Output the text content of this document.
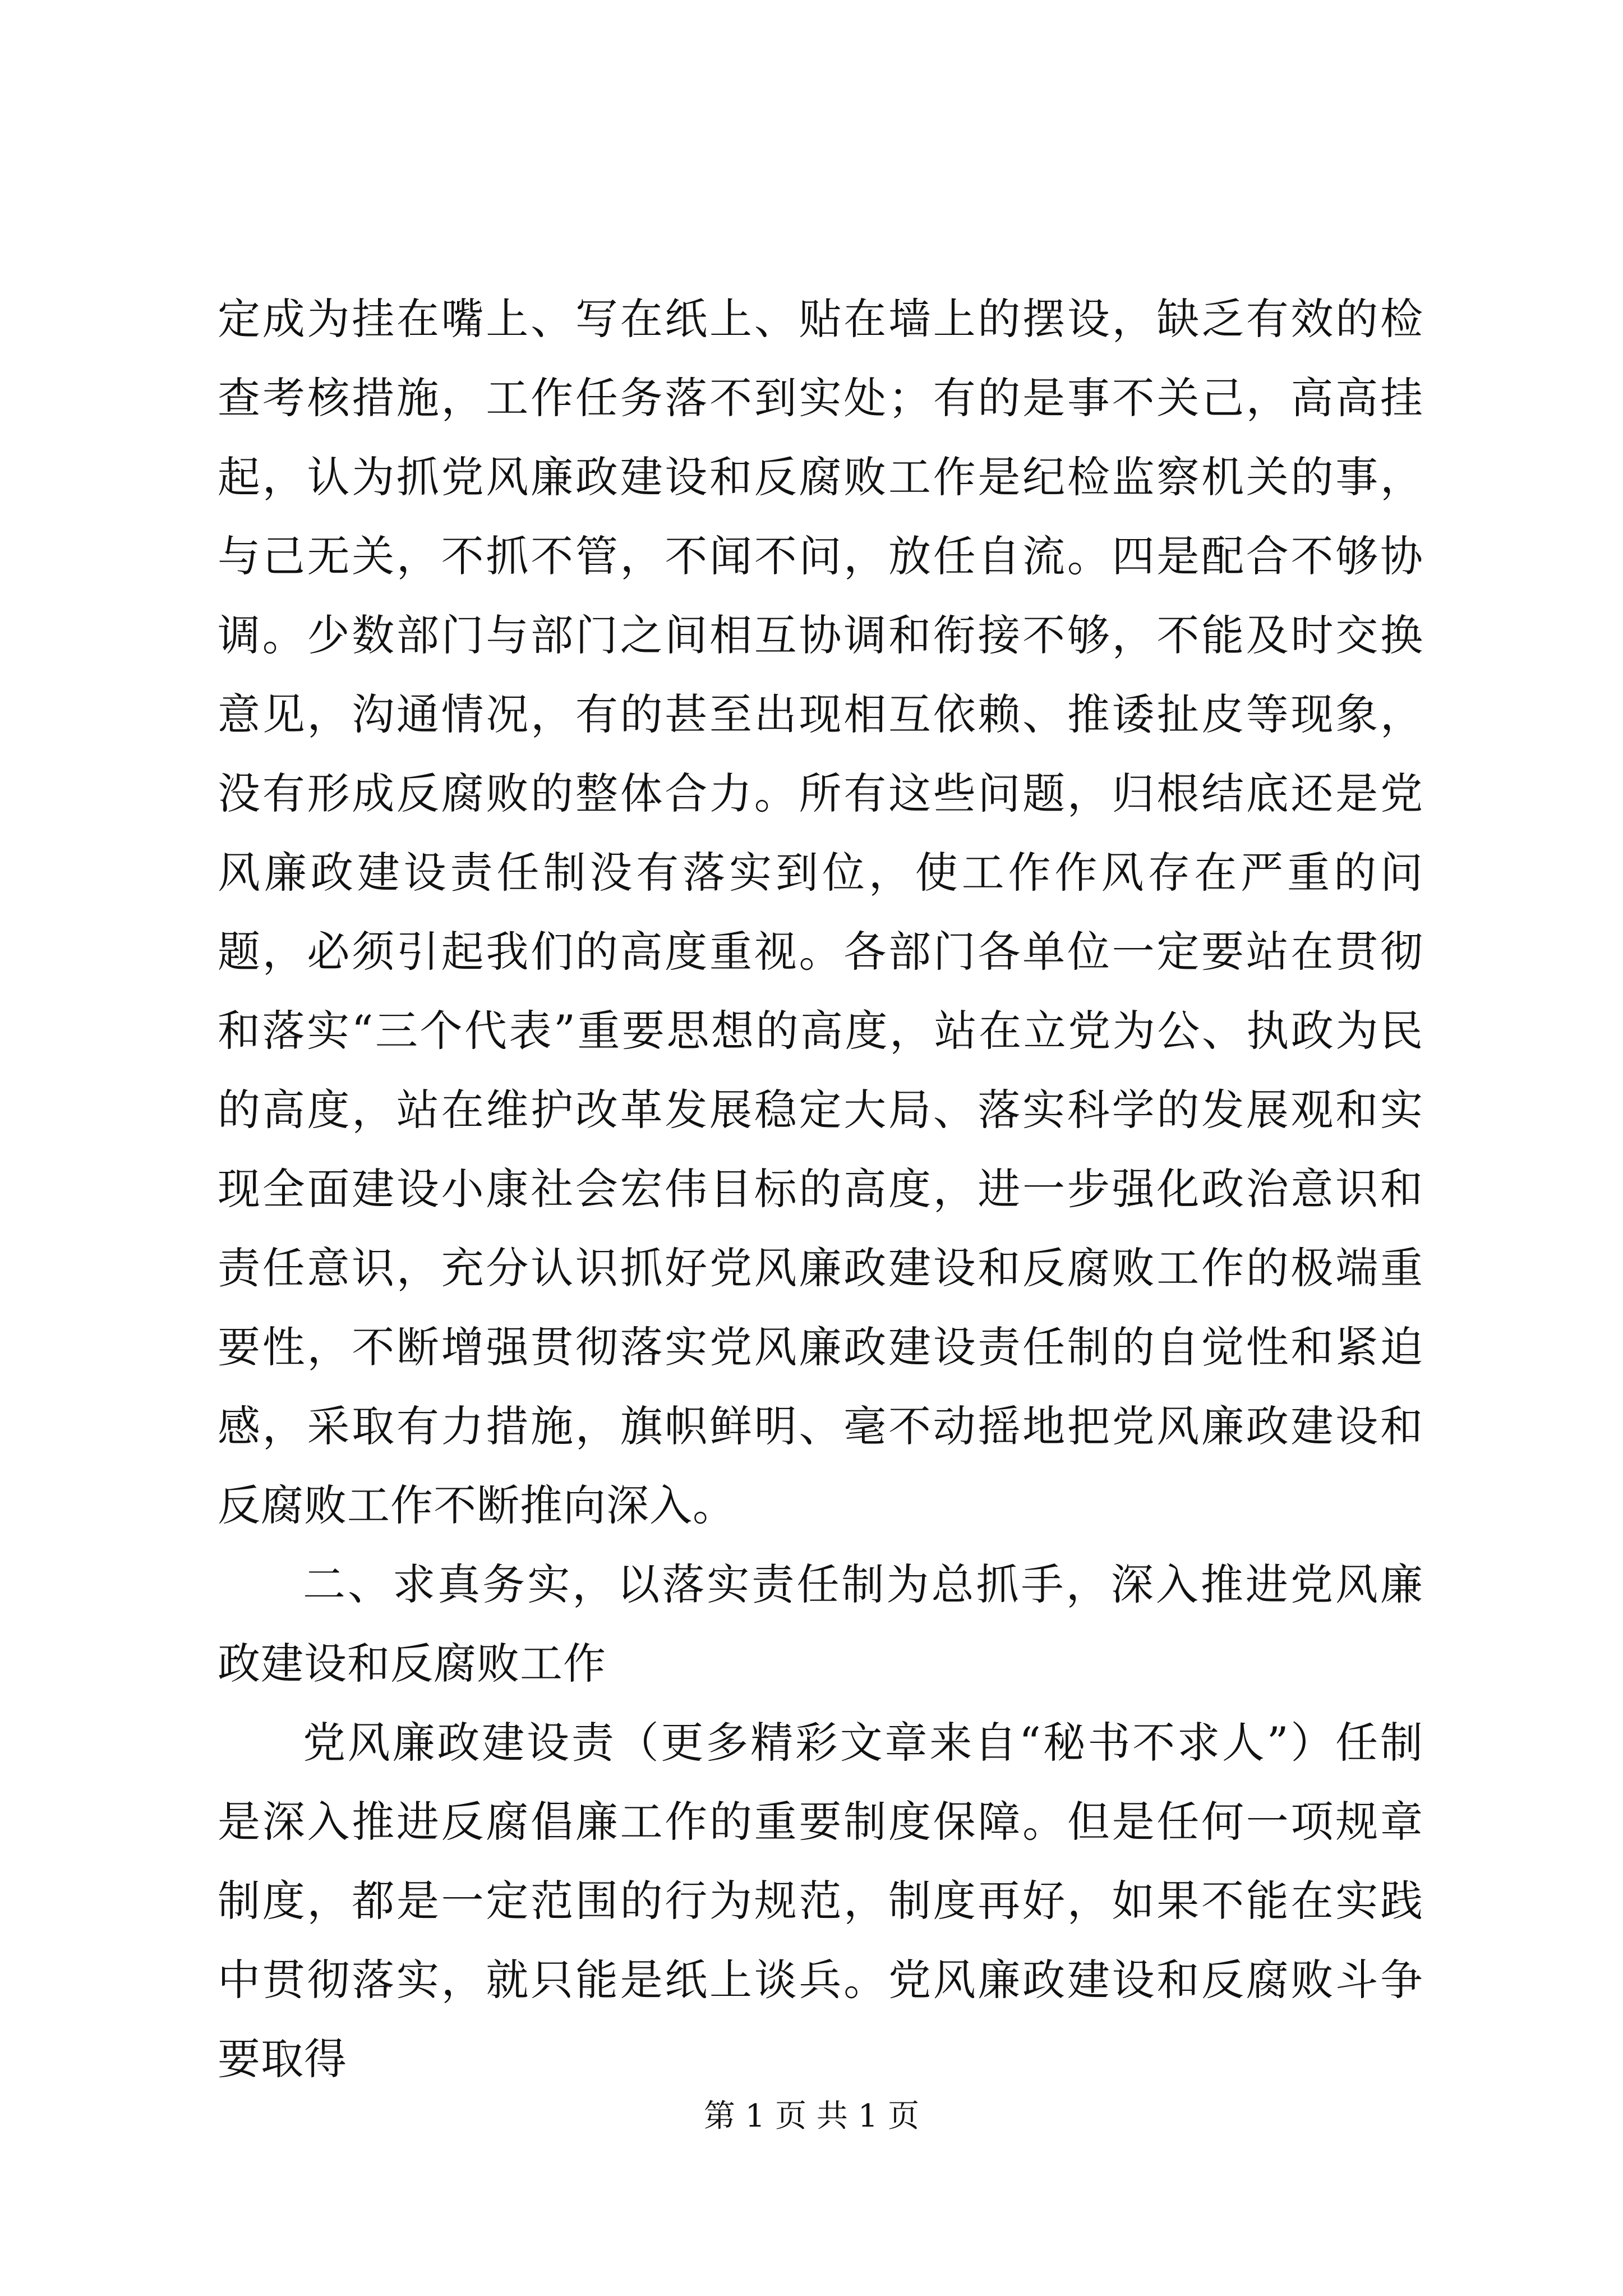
定成为挂在嘴上、写在纸上、贴在墙上的摆设，缺乏有效的检查考核措施，工作任务落不到实处；有的是事不关己，高高挂起，认为抓党风廉政建设和反腐败工作是纪检监察机关的事，与己无关，不抓不管，不闻不问，放任自流。四是配合不够协调。少数部门与部门之间相互协调和衔接不够，不能及时交换意见，沟通情况，有的甚至出现相互依赖、推诿扯皮等现象，没有形成反腐败的整体合力。所有这些问题，归根结底还是党风廉政建设责任制没有落实到位，使工作作风存在严重的问题，必须引起我们的高度重视。各部门各单位一定要站在贯彻和落实“三个代表”重要思想的高度，站在立党为公、执政为民的高度，站在维护改革发展稳定大局、落实科学的发展观和实现全面建设小康社会宏伟目标的高度，进一步强化政治意识和责任意识，充分认识抓好党风廉政建设和反腐败工作的极端重要性，不断增强贯彻落实党风廉政建设责任制的自觉性和紧迫感，采取有力措施，旗帜鲜明、毫不动摇地把党风廉政建设和反腐败工作不断推向深入。

二、求真务实，以落实责任制为总抓手，深入推进党风廉政建设和反腐败工作

党风廉政建设责（更多精彩文章来自“秘书不求人”）任制是深入推进反腐倡廉工作的重要制度保障。但是任何一项规章制度，都是一定范围的行为规范，制度再好，如果不能在实践中贯彻落实，就只能是纸上谈兵。党风廉政建设和反腐败斗争要取得

第 1 页 共 1 页
